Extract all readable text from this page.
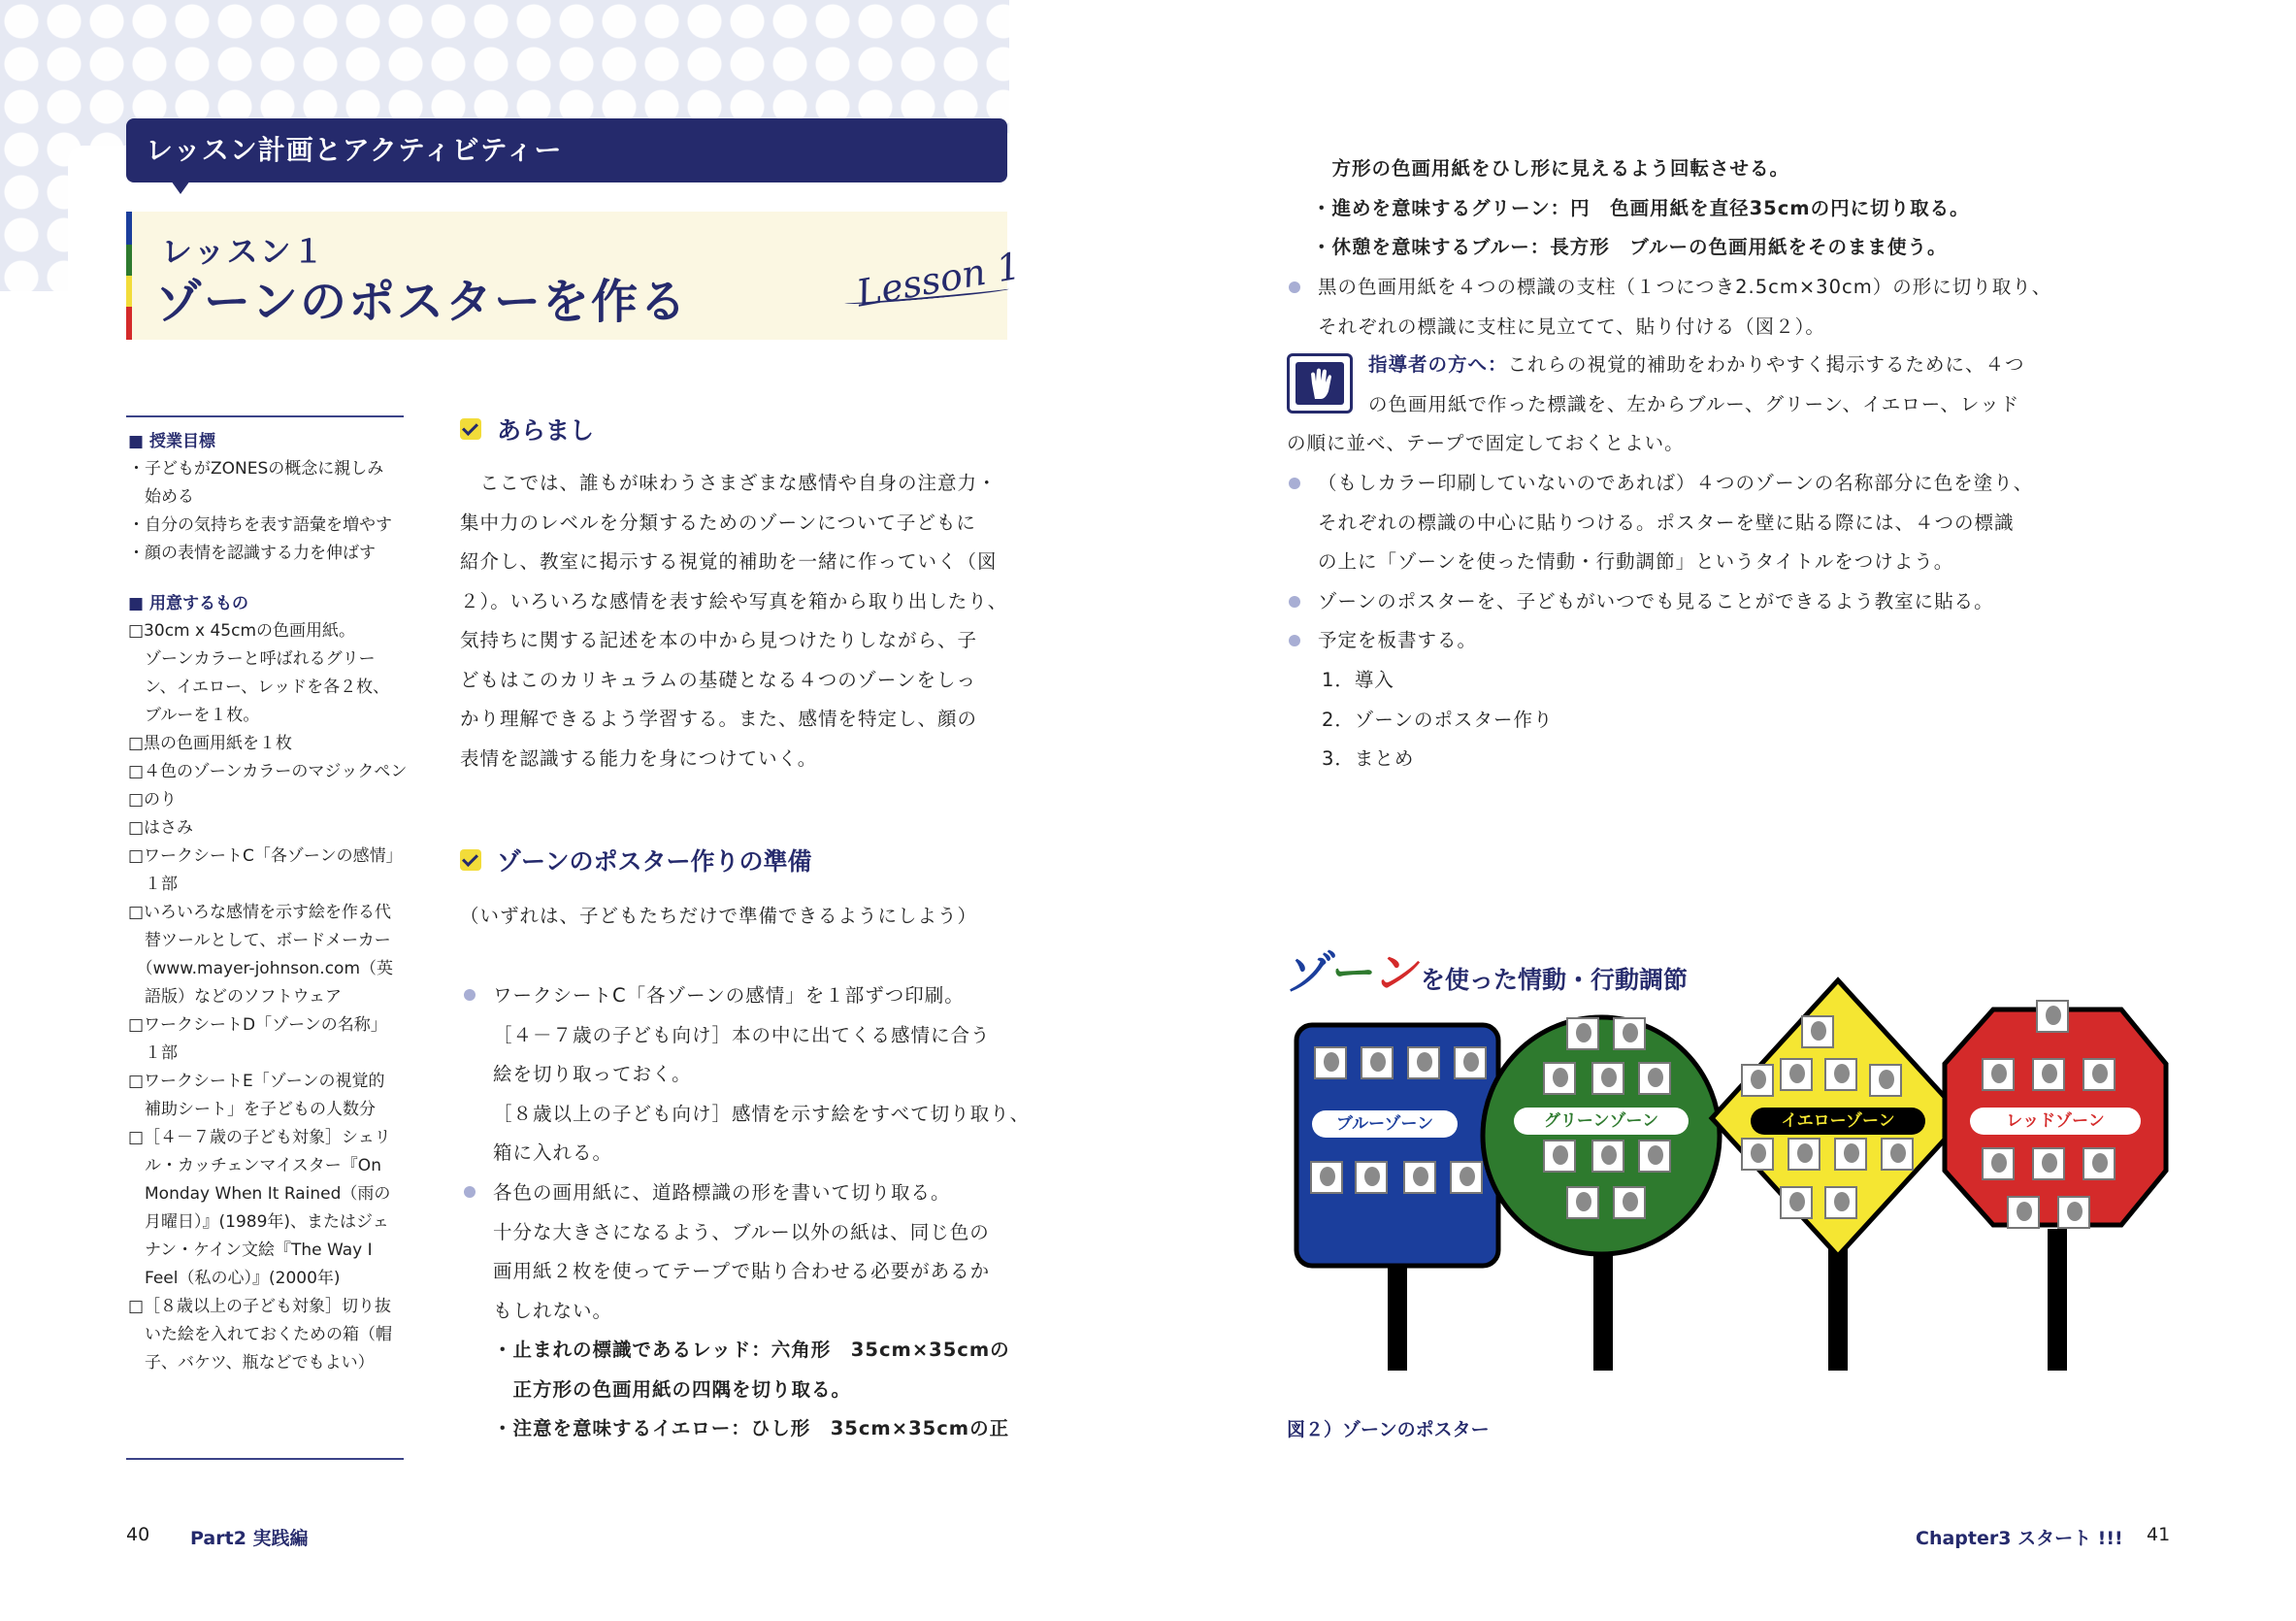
レッスン計画とアクティビティー
レッスン１
ゾーンのポスターを作る	Lesson 1
■ 授業目標
・子どもがZONESの概念に親しみ
　始める
・自分の気持ちを表す語彙を増やす
・顔の表情を認識する力を伸ばす
■ 用意するもの
□30cm x 45cmの色画用紙。
　ゾーンカラーと呼ばれるグリー
　ン、イエロー、レッドを各２枚、
　ブルーを１枚。
□黒の色画用紙を１枚
□４色のゾーンカラーのマジックペン
□のり
□はさみ
□ワークシートC「各ゾーンの感情」
　１部
□いろいろな感情を示す絵を作る代
　替ツールとして、ボードメーカー
　（www.mayer-johnson.com（英
　語版）などのソフトウェア
□ワークシートD「ゾーンの名称」
　１部
□ワークシートE「ゾーンの視覚的
　補助シート」を子どもの人数分
□［４－７歳の子ども対象］シェリ
　ル・カッチェンマイスター『On
　Monday When It Rained（雨の
　月曜日）』(1989年)、またはジェ
　ナン・ケイン文絵『The Way I
　Feel（私の心）』(2000年)
□［８歳以上の子ども対象］切り抜
　いた絵を入れておくための箱（帽
　子、バケツ、瓶などでもよい）
あらまし
　ここでは、誰もが味わうさまざまな感情や自身の注意力・
集中力のレベルを分類するためのゾーンについて子どもに
紹介し、教室に掲示する視覚的補助を一緒に作っていく（図
２）。いろいろな感情を表す絵や写真を箱から取り出したり、
気持ちに関する記述を本の中から見つけたりしながら、子
どもはこのカリキュラムの基礎となる４つのゾーンをしっ
かり理解できるよう学習する。また、感情を特定し、顔の
表情を認識する能力を身につけていく。
ゾーンのポスター作りの準備
（いずれは、子どもたちだけで準備できるようにしよう）
ワークシートC「各ゾーンの感情」を１部ずつ印刷。
［４－７歳の子ども向け］本の中に出てくる感情に合う
絵を切り取っておく。
［８歳以上の子ども向け］感情を示す絵をすべて切り取り、
箱に入れる。
各色の画用紙に、道路標識の形を書いて切り取る。
十分な大きさになるよう、ブルー以外の紙は、同じ色の
画用紙２枚を使ってテープで貼り合わせる必要があるか
もしれない。
・止まれの標識であるレッド：六角形　35cm×35cmの
　正方形の色画用紙の四隅を切り取る。
・注意を意味するイエロー：ひし形　35cm×35cmの正
40 Part2 実践編
　方形の色画用紙をひし形に見えるよう回転させる。
・進めを意味するグリーン：円　色画用紙を直径35cmの円に切り取る。
・休憩を意味するブルー：長方形　ブルーの色画用紙をそのまま使う。
黒の色画用紙を４つの標識の支柱（１つにつき2.5cm×30cm）の形に切り取り、
それぞれの標識に支柱に見立てて、貼り付ける（図２）。
指導者の方へ：これらの視覚的補助をわかりやすく掲示するために、４つ
の色画用紙で作った標識を、左からブルー、グリーン、イエロー、レッド
の順に並べ、テープで固定しておくとよい。
（もしカラー印刷していないのであれば）４つのゾーンの名称部分に色を塗り、
それぞれの標識の中心に貼りつける。ポスターを壁に貼る際には、４つの標識
の上に「ゾーンを使った情動・行動調節」というタイトルをつけよう。
ゾーンのポスターを、子どもがいつでも見ることができるよう教室に貼る。
予定を板書する。
1．導入
2．ゾーンのポスター作り
3．まとめ
ゾ ー ン を使った情動・行動調節
ブルーゾーン	グリーンゾーン	イエローゾーン	レッドゾーン
図２）ゾーンのポスター
Chapter3 スタート !!! 41
